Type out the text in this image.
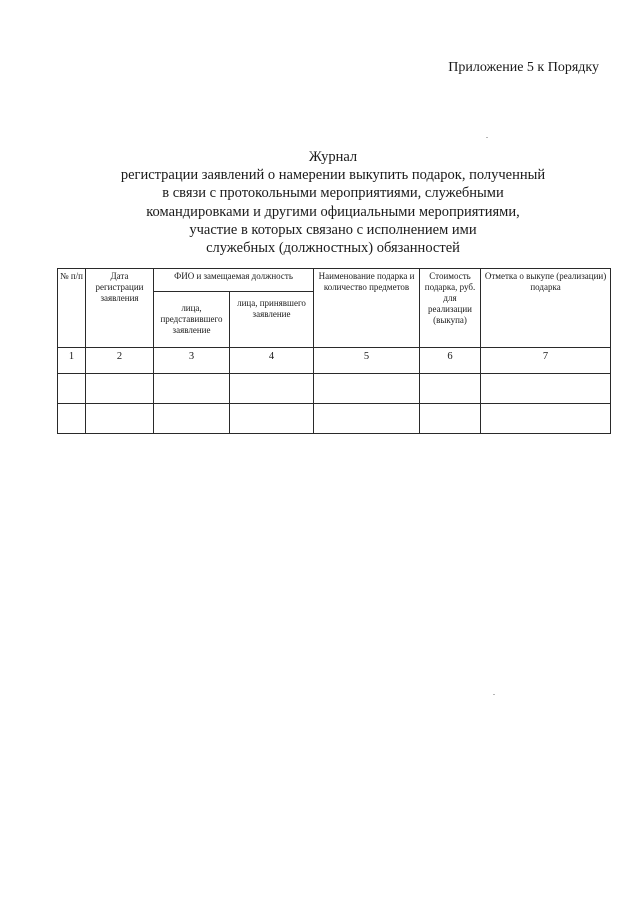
Приложение 5 к Порядку
Журнал
регистрации заявлений о намерении выкупить подарок, полученный
в связи с протокольными мероприятиями, служебными
командировками и другими официальными мероприятиями,
участие в которых связано с исполнением ими
служебных (должностных) обязанностей
№ п/п	Дата регистрации заявления	ФИО и замещаемая должность		Наименование подарка и количество предметов	Стоимость подарка, руб. для реализации (выкупа)	Отметка о выкупе (реализации) подарка
		лица, представившего заявление	лица, принявшего заявление			
1	2	3	4	5	6	7
